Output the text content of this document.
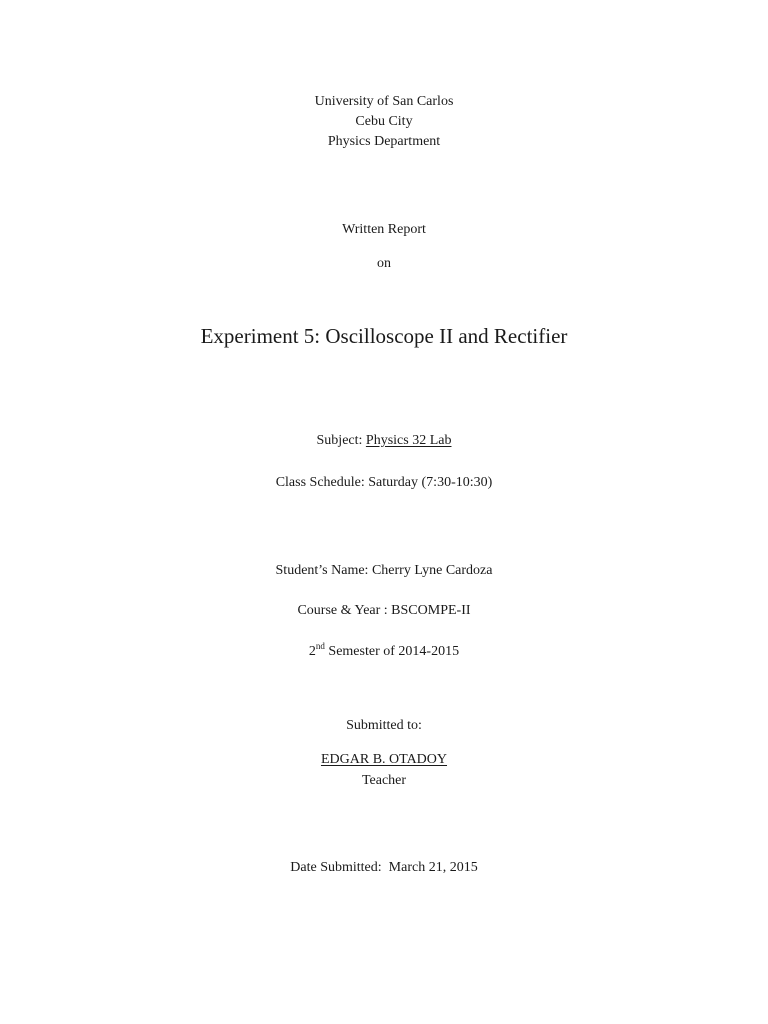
University of San Carlos
Cebu City
Physics Department
Written Report
on
Experiment 5: Oscilloscope II and Rectifier
Subject: Physics 32 Lab
Class Schedule: Saturday (7:30-10:30)
Student’s Name: Cherry Lyne Cardoza
Course & Year : BSCOMPE-II
2nd Semester of 2014-2015
Submitted to:
EDGAR B. OTADOY
Teacher
Date Submitted:  March 21, 2015
